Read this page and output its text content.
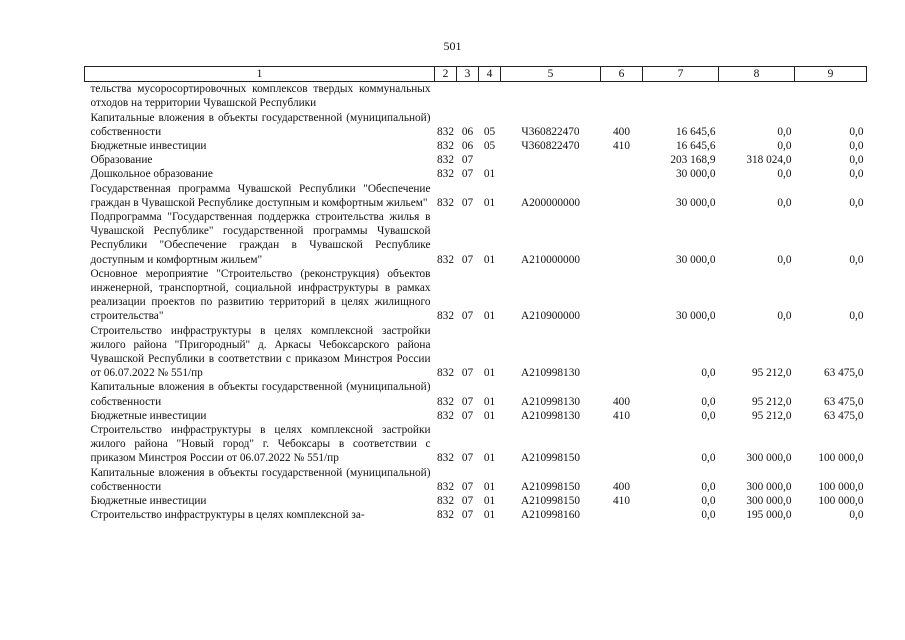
501
1	2	3	4	5	6	7	8	9
тельства мусоросортировочных комплексов твердых коммунальных отходов на территории Чувашской Республики								
Капитальные вложения в объекты государственной (муниципальной) собственности	832	06	05	Ч360822470	400	16 645,6	0,0	0,0
Бюджетные инвестиции	832	06	05	Ч360822470	410	16 645,6	0,0	0,0
Образование	832	07				203 168,9	318 024,0	0,0
Дошкольное образование	832	07	01			30 000,0	0,0	0,0
Государственная программа Чувашской Республики "Обеспечение граждан в Чувашской Республике доступным и комфортным жильем"	832	07	01	А200000000		30 000,0	0,0	0,0
Подпрограмма "Государственная поддержка строительства жилья в Чувашской Республике" государственной программы Чувашской Республики "Обеспечение граждан в Чувашской Республике доступным и комфортным жильем"	832	07	01	А210000000		30 000,0	0,0	0,0
Основное мероприятие "Строительство (реконструкция) объектов инженерной, транспортной, социальной инфраструктуры в рамках реализации проектов по развитию территорий в целях жилищного строительства"	832	07	01	А210900000		30 000,0	0,0	0,0
Строительство инфраструктуры в целях комплексной застройки жилого района "Пригородный" д. Аркасы Чебоксарского района Чувашской Республики в соответствии с приказом Минстроя России от 06.07.2022 № 551/пр	832	07	01	А210998130		0,0	95 212,0	63 475,0
Капитальные вложения в объекты государственной (муниципальной) собственности	832	07	01	А210998130	400	0,0	95 212,0	63 475,0
Бюджетные инвестиции	832	07	01	А210998130	410	0,0	95 212,0	63 475,0
Строительство инфраструктуры в целях комплексной застройки жилого района "Новый город" г. Чебоксары в соответствии с приказом Минстроя России от 06.07.2022 № 551/пр	832	07	01	А210998150		0,0	300 000,0	100 000,0
Капитальные вложения в объекты государственной (муниципальной) собственности	832	07	01	А210998150	400	0,0	300 000,0	100 000,0
Бюджетные инвестиции	832	07	01	А210998150	410	0,0	300 000,0	100 000,0
Строительство инфраструктуры в целях комплексной за-	832	07	01	А210998160		0,0	195 000,0	0,0
